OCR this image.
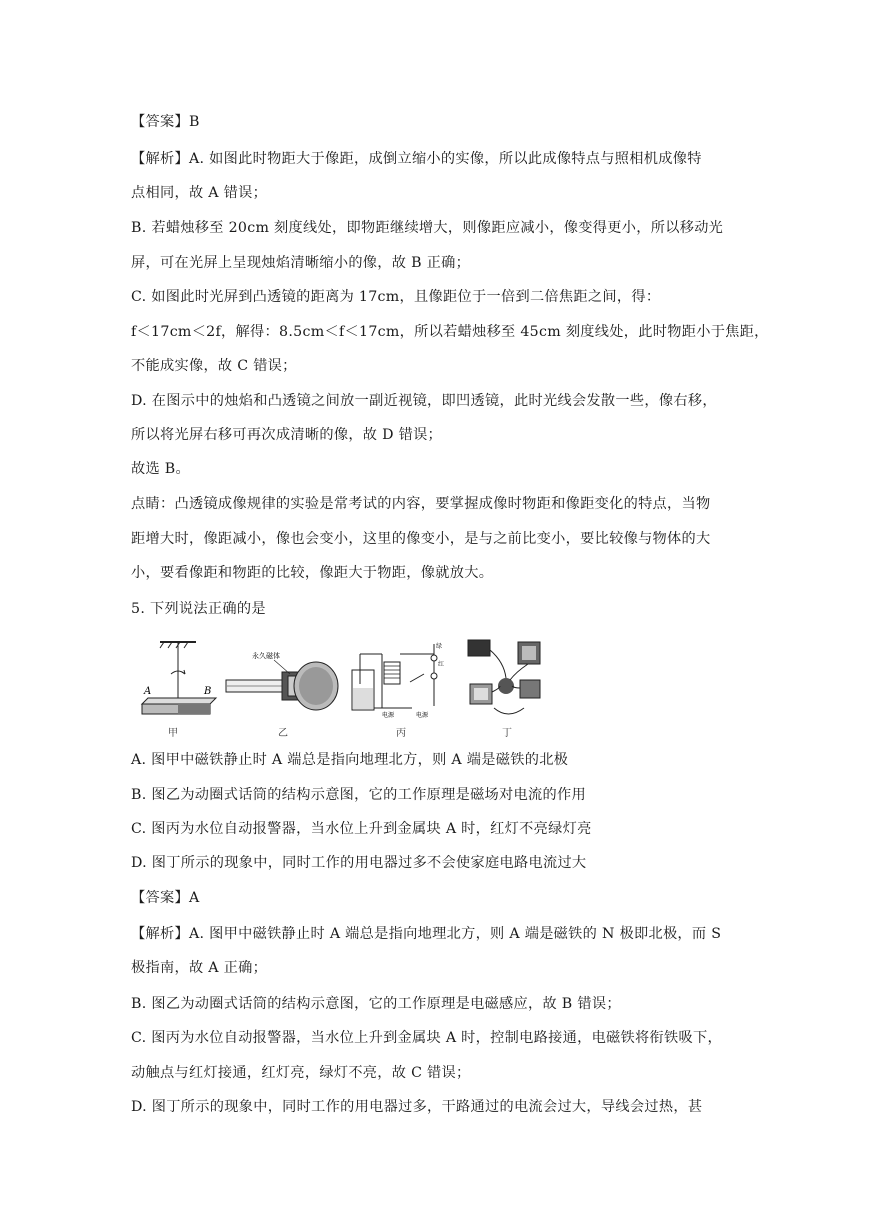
【答案】B
【解析】A. 如图此时物距大于像距，成倒立缩小的实像，所以此成像特点与照相机成像特
点相同，故 A 错误；
B. 若蜡烛移至 20cm 刻度线处，即物距继续增大，则像距应减小，像变得更小，所以移动光
屏，可在光屏上呈现烛焰清晰缩小的像，故 B 正确；
C. 如图此时光屏到凸透镜的距离为 17cm，且像距位于一倍到二倍焦距之间，得：
f＜17cm＜2f，解得：8.5cm＜f＜17cm，所以若蜡烛移至 45cm 刻度线处，此时物距小于焦距，
不能成实像，故 C 错误；
D. 在图示中的烛焰和凸透镜之间放一副近视镜，即凹透镜，此时光线会发散一些，像右移，
所以将光屏右移可再次成清晰的像，故 D 错误；
故选 B。
点睛：凸透镜成像规律的实验是常考试的内容，要掌握成像时物距和像距变化的特点，当物
距增大时，像距减小，像也会变小，这里的像变小，是与之前比变小，要比较像与物体的大
小，要看像距和物距的比较，像距大于物距，像就放大。
5. 下列说法正确的是
A	B
永久磁体
绿
红
电源	电源
甲	乙	丙	丁
A. 图甲中磁铁静止时 A 端总是指向地理北方，则 A 端是磁铁的北极
B. 图乙为动圈式话筒的结构示意图，它的工作原理是磁场对电流的作用
C. 图丙为水位自动报警器，当水位上升到金属块 A 时，红灯不亮绿灯亮
D. 图丁所示的现象中，同时工作的用电器过多不会使家庭电路电流过大
【答案】A
【解析】A. 图甲中磁铁静止时 A 端总是指向地理北方，则 A 端是磁铁的 N 极即北极，而 S
极指南，故 A 正确；
B. 图乙为动圈式话筒的结构示意图，它的工作原理是电磁感应，故 B 错误；
C. 图丙为水位自动报警器，当水位上升到金属块 A 时，控制电路接通，电磁铁将衔铁吸下，
动触点与红灯接通，红灯亮，绿灯不亮，故 C 错误；
D. 图丁所示的现象中，同时工作的用电器过多，干路通过的电流会过大，导线会过热，甚
